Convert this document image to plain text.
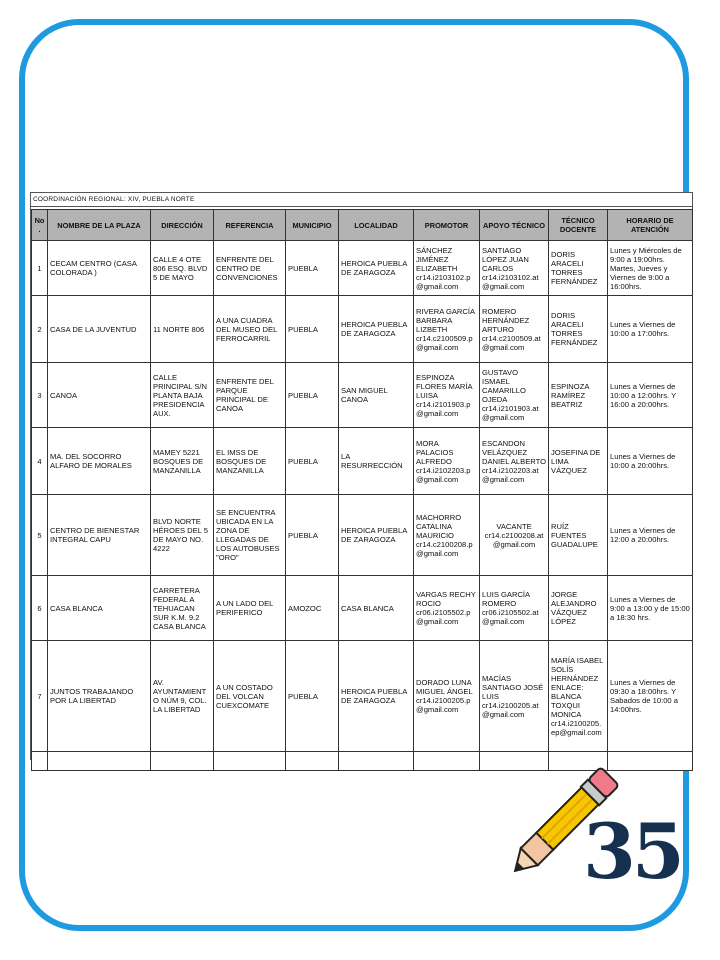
COORDINACIÓN REGIONAL: XIV, PUEBLA NORTE
No.	NOMBRE DE LA PLAZA	DIRECCIÓN	REFERENCIA	MUNICIPIO	LOCALIDAD	PROMOTOR	APOYO TÉCNICO	TÉCNICO DOCENTE	HORARIO DE ATENCIÓN
1	CECAM CENTRO (CASA COLORADA )	CALLE 4 OTE 806 ESQ. BLVD 5 DE MAYO	ENFRENTE DEL CENTRO DE CONVENCIONES	PUEBLA	HEROICA PUEBLA DE ZARAGOZA	SÁNCHEZ JIMÉNEZ ELIZABETH cr14.i2103102.p@gmail.com	SANTIAGO LÓPEZ JUAN CARLOS cr14.i2103102.at@gmail.com	DORIS ARACELI TORRES FERNÁNDEZ	Lunes y Miércoles de 9:00 a 19:00hrs. Martes, Jueves y Viernes de 9:00 a 16:00hrs.
2	CASA DE LA JUVENTUD	11 NORTE 806	A UNA CUADRA DEL MUSEO DEL FERROCARRIL	PUEBLA	HEROICA PUEBLA DE ZARAGOZA	RIVERA GARCÍA BARBARA LIZBETH cr14.c2100509.p@gmail.com	ROMERO HERNÁNDEZ ARTURO cr14.c2100509.at@gmail.com	DORIS ARACELI TORRES FERNÁNDEZ	Lunes a Viernes de 10:00 a 17:00hrs.
3	CANOA	CALLE PRINCIPAL S/N PLANTA BAJA PRESIDENCIA AUX.	ENFRENTE DEL PARQUE PRINCIPAL DE CANOA	PUEBLA	SAN MIGUEL CANOA	ESPINOZA FLORES MARÍA LUISA cr14.i2101903.p@gmail.com	GUSTAVO ISMAEL CAMARILLO OJEDA cr14.i2101903.at@gmail.com	ESPINOZA RAMÍREZ BEATRIZ	Lunes a Viernes de 10:00 a 12:00hrs. Y 16:00 a 20:00hrs.
4	MA. DEL SOCORRO ALFARO DE MORALES	MAMEY 5221 BOSQUES DE MANZANILLA	EL IMSS DE BOSQUES DE MANZANILLA	PUEBLA	LA RESURRECCIÓN	MORA PALACIOS ALFREDO cr14.i2102203.p@gmail.com	ESCANDON VELÁZQUEZ DANIEL ALBERTO cr14.i2102203.at@gmail.com	JOSEFINA DE LIMA VÁZQUEZ	Lunes a Viernes de 10:00 a 20:00hrs.
5	CENTRO DE BIENESTAR INTEGRAL CAPU	BLVD NORTE HÉROES DEL 5 DE MAYO NO. 4222	SE ENCUENTRA UBICADA EN LA ZONA DE LLEGADAS DE LOS AUTOBUSES "ORO"	PUEBLA	HEROICA PUEBLA DE ZARAGOZA	MACHORRO CATALINA MAURICIO cr14.c2100208.p@gmail.com	VACANTE cr14.c2100208.at@gmail.com	RUÍZ FUENTES GUADALUPE	Lunes a Viernes de 12:00 a 20:00hrs.
6	CASA BLANCA	CARRETERA FEDERAL A TEHUACAN SUR K.M. 9.2 CASA BLANCA	A UN LADO DEL PERIFERICO	AMOZOC	CASA BLANCA	VARGAS RECHY ROCIO cr06.i2105502.p@gmail.com	LUIS GARCÍA ROMERO cr06.i2105502.at@gmail.com	JORGE ALEJANDRO VÁZQUEZ LÓPEZ	Lunes a Viernes de 9:00 a 13:00 y de 15:00 a 18:30 hrs.
7	JUNTOS TRABAJANDO POR LA LIBERTAD	AV. AYUNTAMIENTO NÚM 9, COL. LA LIBERTAD	A UN COSTADO DEL VOLCAN CUEXCOMATE	PUEBLA	HEROICA PUEBLA DE ZARAGOZA	DORADO LUNA MIGUEL ÁNGEL cr14.i2100205.p@gmail.com	MACÍAS SANTIAGO JOSÉ LUIS cr14.i2100205.at@gmail.com	MARÍA ISABEL SOLÍS HERNÁNDEZ ENLACE: BLANCA TOXQUI MONICA cr14.i2100205.ep@gmail.com	Lunes a Viernes de 09:30 a 18:00hrs. Y Sabados de 10:00 a 14:00hrs.

35
